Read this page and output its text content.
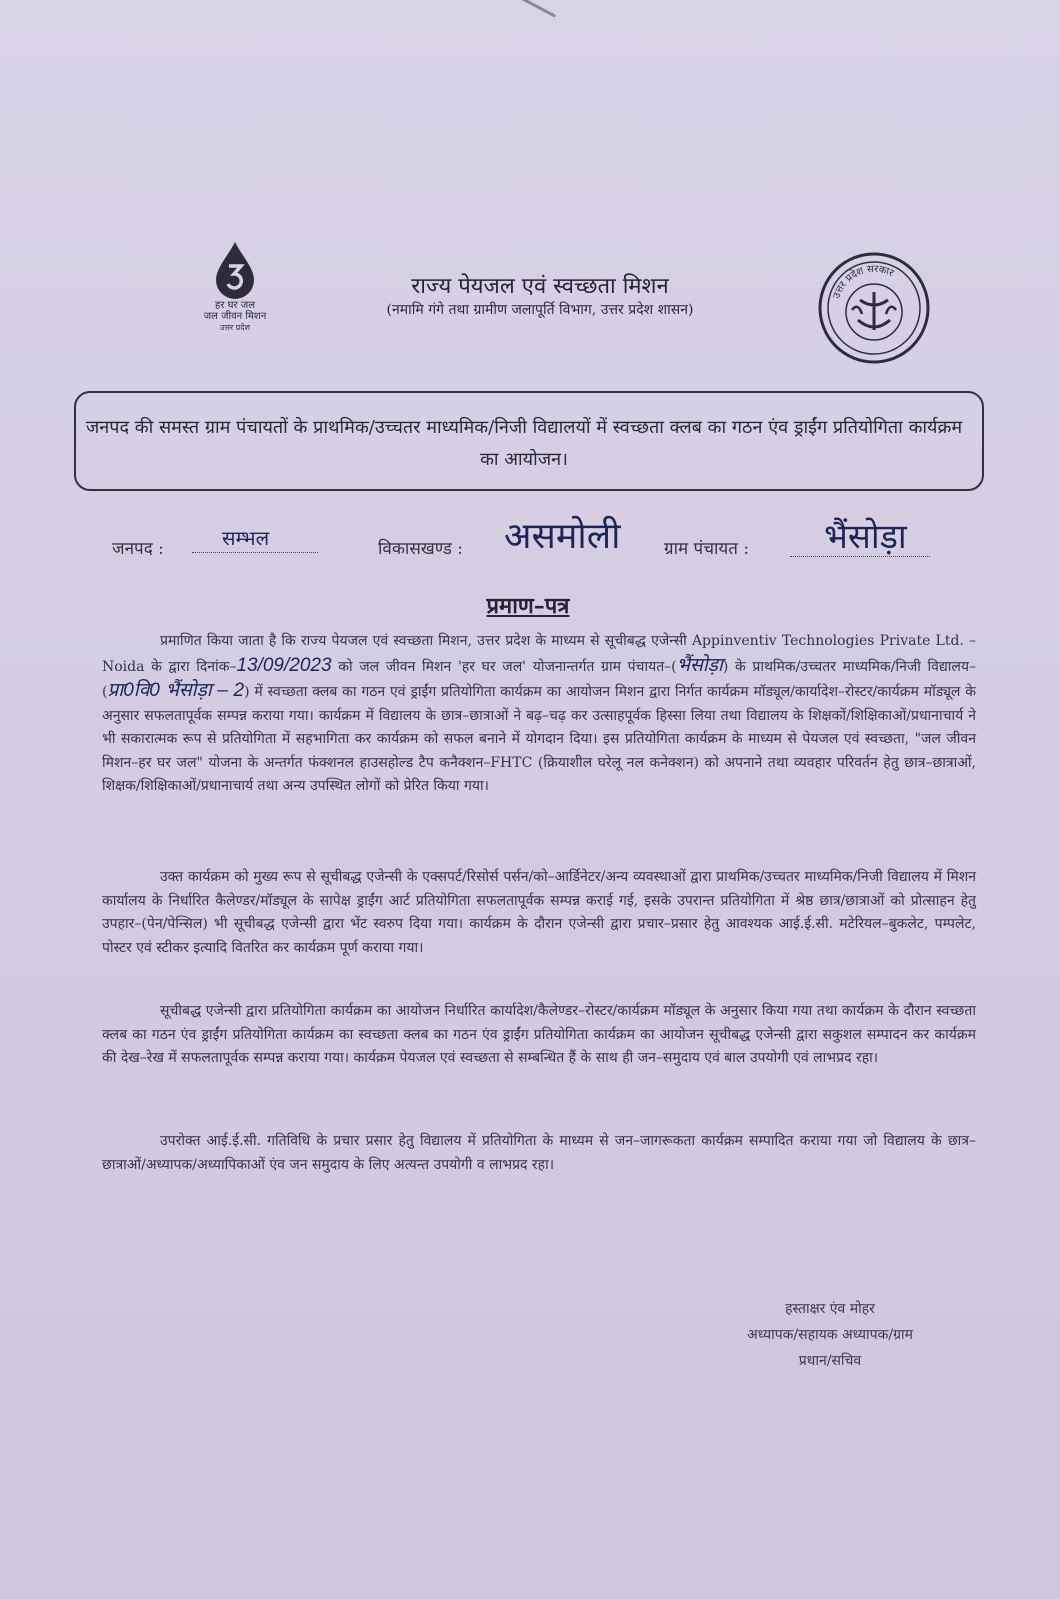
हर घर जल
जल जीवन मिशन
उत्तर प्रदेश
राज्य पेयजल एवं स्वच्छता मिशन
(नमामि गंगे तथा ग्रामीण जलापूर्ति विभाग, उत्तर प्रदेश शासन)
उत्तर प्रदेश सरकार
जनपद की समस्त ग्राम पंचायतों के प्राथमिक/उच्चतर माध्यमिक/निजी विद्यालयों में स्वच्छता क्लब का गठन एंव ड्राईंग प्रतियोगिता कार्यक्रम का आयोजन।
जनपद :	सम्भल	विकासखण्ड : असमोली	ग्राम पंचायत : भैंसोड़ा
प्रमाण–पत्र
प्रमाणित किया जाता है कि राज्य पेयजल एवं स्वच्छता मिशन, उत्तर प्रदेश के माध्यम से सूचीबद्ध एजेन्सी Appinventiv Technologies Private Ltd. – Noida के द्वारा दिनांक–13/09/2023 को जल जीवन मिशन 'हर घर जल' योजनान्तर्गत ग्राम पंचायत–(भैंसोड़ा) के प्राथमिक/उच्चतर माध्यमिक/निजी विद्यालय–(प्रा0वि0 भैंसोड़ा – 2) में स्वच्छता क्लब का गठन एवं ड्राईंग प्रतियोगिता कार्यक्रम का आयोजन मिशन द्वारा निर्गत कार्यक्रम मॉड्यूल/कार्यादेश–रोस्टर/कार्यक्रम मॉड्यूल के अनुसार सफलतापूर्वक सम्पन्न कराया गया। कार्यक्रम में विद्यालय के छात्र–छात्राओं ने बढ़–चढ़ कर उत्साहपूर्वक हिस्सा लिया तथा विद्यालय के शिक्षकों/शिक्षिकाओं/प्रधानाचार्य ने भी सकारात्मक रूप से प्रतियोगिता में सहभागिता कर कार्यक्रम को सफल बनाने में योगदान दिया। इस प्रतियोगिता कार्यक्रम के माध्यम से पेयजल एवं स्वच्छता, "जल जीवन मिशन–हर घर जल" योजना के अन्तर्गत फंक्शनल हाउसहोल्ड टैप कनैक्शन–FHTC (क्रियाशील घरेलू नल कनेक्शन) को अपनाने तथा व्यवहार परिवर्तन हेतु छात्र–छात्राओं, शिक्षक/शिक्षिकाओं/प्रधानाचार्य तथा अन्य उपस्थित लोगों को प्रेरित किया गया।
उक्त कार्यक्रम को मुख्य रूप से सूचीबद्ध एजेन्सी के एक्सपर्ट/रिसोर्स पर्सन/को–आर्डिनेटर/अन्य व्यवस्थाओं द्वारा प्राथमिक/उच्चतर माध्यमिक/निजी विद्यालय में मिशन कार्यालय के निर्धारित कैलेण्डर/मॉड्यूल के सापेक्ष ड्राईंग आर्ट प्रतियोगिता सफलतापूर्वक सम्पन्न कराई गई, इसके उपरान्त प्रतियोगिता में श्रेष्ठ छात्र/छात्राओं को प्रोत्साहन हेतु उपहार–(पेन/पेन्सिल) भी सूचीबद्ध एजेन्सी द्वारा भेंट स्वरुप दिया गया। कार्यक्रम के दौरान एजेन्सी द्वारा प्रचार–प्रसार हेतु आवश्यक आई.ई.सी. मटेरियल–बुकलेट, पम्पलेट, पोस्टर एवं स्टीकर इत्यादि वितरित कर कार्यक्रम पूर्ण कराया गया।
सूचीबद्ध एजेन्सी द्वारा प्रतियोगिता कार्यक्रम का आयोजन निर्धारित कार्यादेश/कैलेण्डर–रोस्टर/कार्यक्रम मॉड्यूल के अनुसार किया गया तथा कार्यक्रम के दौरान स्वच्छता क्लब का गठन एंव ड्राईंग प्रतियोगिता कार्यक्रम का स्वच्छता क्लब का गठन एंव ड्राईंग प्रतियोगिता कार्यक्रम का आयोजन सूचीबद्ध एजेन्सी द्वारा सकुशल सम्पादन कर कार्यक्रम की देख–रेख में सफलतापूर्वक सम्पन्न कराया गया। कार्यक्रम पेयजल एवं स्वच्छता से सम्बन्धित हैं के साथ ही जन–समुदाय एवं बाल उपयोगी एवं लाभप्रद रहा।
उपरोक्त आई.ई.सी. गतिविधि के प्रचार प्रसार हेतु विद्यालय में प्रतियोगिता के माध्यम से जन–जागरूकता कार्यक्रम सम्पादित कराया गया जो विद्यालय के छात्र–छात्राओं/अध्यापक/अध्यापिकाओं एंव जन समुदाय के लिए अत्यन्त उपयोगी व लाभप्रद रहा।
हस्ताक्षर एंव मोहर
अध्यापक/सहायक अध्यापक/ग्राम
प्रधान/सचिव
